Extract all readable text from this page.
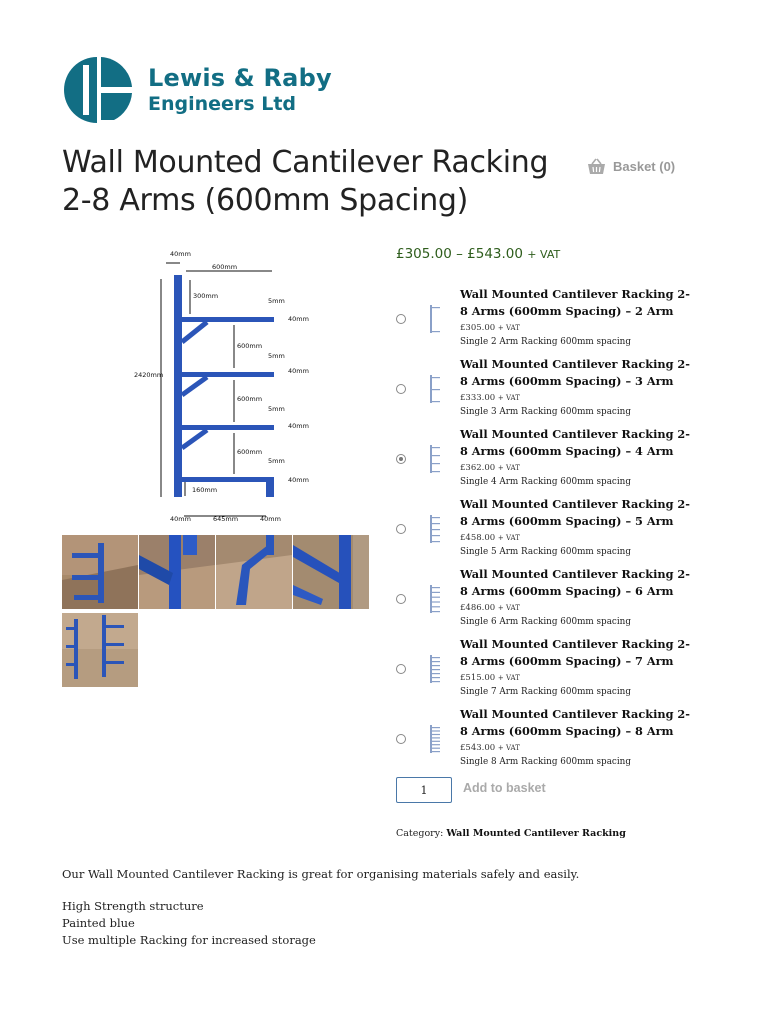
Lewis & Raby
Engineers Ltd
Wall Mounted Cantilever Racking 2-8 Arms (600mm Spacing)
Basket (0)
40mm
600mm
300mm
2420mm
600mm
600mm
600mm
5mm
5mm
5mm
5mm
40mm
40mm
40mm
40mm
160mm
40mm	645mm	40mm
£305.00 – £543.00 + VAT
Wall Mounted Cantilever Racking 2-8 Arms (600mm Spacing) – 2 Arm
£305.00 + VAT
Single 2 Arm Racking 600mm spacing
Wall Mounted Cantilever Racking 2-8 Arms (600mm Spacing) – 3 Arm
£333.00 + VAT
Single 3 Arm Racking 600mm spacing
Wall Mounted Cantilever Racking 2-8 Arms (600mm Spacing) – 4 Arm
£362.00 + VAT
Single 4 Arm Racking 600mm spacing
Wall Mounted Cantilever Racking 2-8 Arms (600mm Spacing) – 5 Arm
£458.00 + VAT
Single 5 Arm Racking 600mm spacing
Wall Mounted Cantilever Racking 2-8 Arms (600mm Spacing) – 6 Arm
£486.00 + VAT
Single 6 Arm Racking 600mm spacing
Wall Mounted Cantilever Racking 2-8 Arms (600mm Spacing) – 7 Arm
£515.00 + VAT
Single 7 Arm Racking 600mm spacing
Wall Mounted Cantilever Racking 2-8 Arms (600mm Spacing) – 8 Arm
£543.00 + VAT
Single 8 Arm Racking 600mm spacing
1
Add to basket
Category: Wall Mounted Cantilever Racking

Our Wall Mounted Cantilever Racking is great for organising materials safely and easily.

High Strength structure
Painted blue
Use multiple Racking for increased storage
